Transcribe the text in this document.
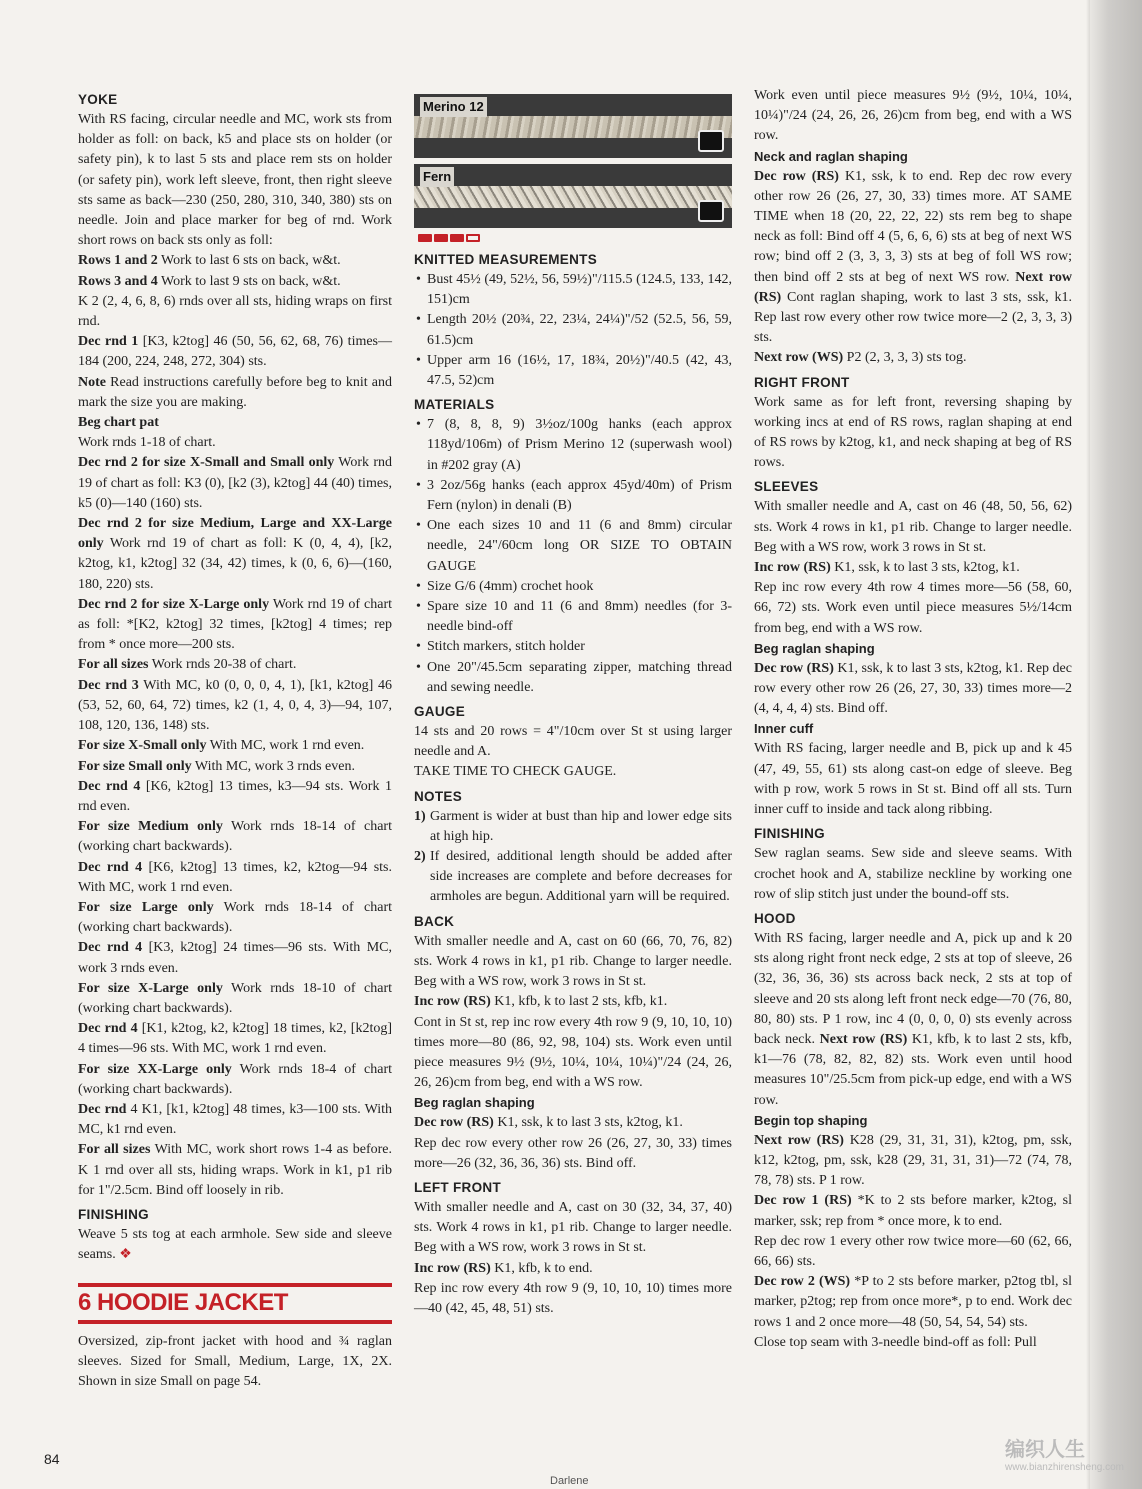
YOKE

With RS facing, circular needle and MC, work sts from holder as foll: on back, k5 and place sts on holder (or safety pin), k to last 5 sts and place rem sts on holder (or safety pin), work left sleeve, front, then right sleeve sts same as back—230 (250, 280, 310, 340, 380) sts on needle. Join and place marker for beg of rnd. Work short rows on back sts only as foll:

Rows 1 and 2 Work to last 6 sts on back, w&t.

Rows 3 and 4 Work to last 9 sts on back, w&t.

K 2 (2, 4, 6, 8, 6) rnds over all sts, hiding wraps on first rnd.

Dec rnd 1 [K3, k2tog] 46 (50, 56, 62, 68, 76) times—184 (200, 224, 248, 272, 304) sts.

Note Read instructions carefully before beg to knit and mark the size you are making.

Beg chart pat

Work rnds 1-18 of chart.

Dec rnd 2 for size X-Small and Small only Work rnd 19 of chart as foll: K3 (0), [k2 (3), k2tog] 44 (40) times, k5 (0)—140 (160) sts.

Dec rnd 2 for size Medium, Large and XX-Large only Work rnd 19 of chart as foll: K (0, 4, 4), [k2, k2tog, k1, k2tog] 32 (34, 42) times, k (0, 6, 6)—(160, 180, 220) sts.

Dec rnd 2 for size X-Large only Work rnd 19 of chart as foll: *[K2, k2tog] 32 times, [k2tog] 4 times; rep from * once more—200 sts.

For all sizes Work rnds 20-38 of chart.

Dec rnd 3 With MC, k0 (0, 0, 0, 4, 1), [k1, k2tog] 46 (53, 52, 60, 64, 72) times, k2 (1, 4, 0, 4, 3)—94, 107, 108, 120, 136, 148) sts.

For size X-Small only With MC, work 1 rnd even.

For size Small only With MC, work 3 rnds even.

Dec rnd 4 [K6, k2tog] 13 times, k3—94 sts. Work 1 rnd even.

For size Medium only Work rnds 18-14 of chart (working chart backwards).

Dec rnd 4 [K6, k2tog] 13 times, k2, k2tog—94 sts. With MC, work 1 rnd even.

For size Large only Work rnds 18-14 of chart (working chart backwards).

Dec rnd 4 [K3, k2tog] 24 times—96 sts. With MC, work 3 rnds even.

For size X-Large only Work rnds 18-10 of chart (working chart backwards).

Dec rnd 4 [K1, k2tog, k2, k2tog] 18 times, k2, [k2tog] 4 times—96 sts. With MC, work 1 rnd even.

For size XX-Large only Work rnds 18-4 of chart (working chart backwards).

Dec rnd 4 K1, [k1, k2tog] 48 times, k3—100 sts. With MC, k1 rnd even.

For all sizes With MC, work short rows 1-4 as before. K 1 rnd over all sts, hiding wraps. Work in k1, p1 rib for 1"/2.5cm. Bind off loosely in rib.

FINISHING

Weave 5 sts tog at each armhole. Sew side and sleeve seams. ❖

6 HOODIE JACKET

Oversized, zip-front jacket with hood and ¾ raglan sleeves. Sized for Small, Medium, Large, 1X, 2X. Shown in size Small on page 54.

Merino 12
Fern
KNITTED MEASUREMENTS

• Bust 45½ (49, 52½, 56, 59½)"/115.5 (124.5, 133, 142, 151)cm

• Length 20½ (20¾, 22, 23¼, 24¼)"/52 (52.5, 56, 59, 61.5)cm

• Upper arm 16 (16½, 17, 18¾, 20½)"/40.5 (42, 43, 47.5, 52)cm

MATERIALS

• 7 (8, 8, 8, 9) 3½oz/100g hanks (each approx 118yd/106m) of Prism Merino 12 (superwash wool) in #202 gray (A)

• 3 2oz/56g hanks (each approx 45yd/40m) of Prism Fern (nylon) in denali (B)

• One each sizes 10 and 11 (6 and 8mm) circular needle, 24"/60cm long OR SIZE TO OBTAIN GAUGE

• Size G/6 (4mm) crochet hook

• Spare size 10 and 11 (6 and 8mm) needles (for 3-needle bind-off

• Stitch markers, stitch holder

• One 20"/45.5cm separating zipper, matching thread and sewing needle.

GAUGE

14 sts and 20 rows = 4"/10cm over St st using larger needle and A.

TAKE TIME TO CHECK GAUGE.

NOTES

1) Garment is wider at bust than hip and lower edge sits at high hip.

2) If desired, additional length should be added after side increases are complete and before decreases for armholes are begun. Additional yarn will be required.

BACK

With smaller needle and A, cast on 60 (66, 70, 76, 82) sts. Work 4 rows in k1, p1 rib. Change to larger needle. Beg with a WS row, work 3 rows in St st.

Inc row (RS) K1, kfb, k to last 2 sts, kfb, k1.

Cont in St st, rep inc row every 4th row 9 (9, 10, 10, 10) times more—80 (86, 92, 98, 104) sts. Work even until piece measures 9½ (9½, 10¼, 10¼, 10¼)"/24 (24, 26, 26, 26)cm from beg, end with a WS row.

Beg raglan shaping

Dec row (RS) K1, ssk, k to last 3 sts, k2tog, k1.

Rep dec row every other row 26 (26, 27, 30, 33) times more—26 (32, 36, 36, 36) sts. Bind off.

LEFT FRONT

With smaller needle and A, cast on 30 (32, 34, 37, 40) sts. Work 4 rows in k1, p1 rib. Change to larger needle. Beg with a WS row, work 3 rows in St st.

Inc row (RS) K1, kfb, k to end.

Rep inc row every 4th row 9 (9, 10, 10, 10) times more—40 (42, 45, 48, 51) sts.

Work even until piece measures 9½ (9½, 10¼, 10¼, 10¼)"/24 (24, 26, 26, 26)cm from beg, end with a WS row.

Neck and raglan shaping

Dec row (RS) K1, ssk, k to end. Rep dec row every other row 26 (26, 27, 30, 33) times more. AT SAME TIME when 18 (20, 22, 22, 22) sts rem beg to shape neck as foll: Bind off 4 (5, 6, 6, 6) sts at beg of next WS row; bind off 2 (3, 3, 3, 3) sts at beg of foll WS row; then bind off 2 sts at beg of next WS row. Next row (RS) Cont raglan shaping, work to last 3 sts, ssk, k1. Rep last row every other row twice more—2 (2, 3, 3, 3) sts.

Next row (WS) P2 (2, 3, 3, 3) sts tog.

RIGHT FRONT

Work same as for left front, reversing shaping by working incs at end of RS rows, raglan shaping at end of RS rows by k2tog, k1, and neck shaping at beg of RS rows.

SLEEVES

With smaller needle and A, cast on 46 (48, 50, 56, 62) sts. Work 4 rows in k1, p1 rib. Change to larger needle. Beg with a WS row, work 3 rows in St st.

Inc row (RS) K1, ssk, k to last 3 sts, k2tog, k1.

Rep inc row every 4th row 4 times more—56 (58, 60, 66, 72) sts. Work even until piece measures 5½/14cm from beg, end with a WS row.

Beg raglan shaping

Dec row (RS) K1, ssk, k to last 3 sts, k2tog, k1. Rep dec row every other row 26 (26, 27, 30, 33) times more—2 (4, 4, 4, 4) sts. Bind off.

Inner cuff

With RS facing, larger needle and B, pick up and k 45 (47, 49, 55, 61) sts along cast-on edge of sleeve. Beg with p row, work 5 rows in St st. Bind off all sts. Turn inner cuff to inside and tack along ribbing.

FINISHING

Sew raglan seams. Sew side and sleeve seams. With crochet hook and A, stabilize neckline by working one row of slip stitch just under the bound-off sts.

HOOD

With RS facing, larger needle and A, pick up and k 20 sts along right front neck edge, 2 sts at top of sleeve, 26 (32, 36, 36, 36) sts across back neck, 2 sts at top of sleeve and 20 sts along left front neck edge—70 (76, 80, 80, 80) sts. P 1 row, inc 4 (0, 0, 0, 0) sts evenly across back neck. Next row (RS) K1, kfb, k to last 2 sts, kfb, k1—76 (78, 82, 82, 82) sts. Work even until hood measures 10"/25.5cm from pick-up edge, end with a WS row.

Begin top shaping

Next row (RS) K28 (29, 31, 31, 31), k2tog, pm, ssk, k12, k2tog, pm, ssk, k28 (29, 31, 31, 31)—72 (74, 78, 78, 78) sts. P 1 row.

Dec row 1 (RS) *K to 2 sts before marker, k2tog, sl marker, ssk; rep from * once more, k to end.

Rep dec row 1 every other row twice more—60 (62, 66, 66, 66) sts.

Dec row 2 (WS) *P to 2 sts before marker, p2tog tbl, sl marker, p2tog; rep from once more*, p to end. Work dec rows 1 and 2 once more—48 (50, 54, 54, 54) sts.

Close top seam with 3-needle bind-off as foll: Pull

84
Darlene
编织人生
www.bianzhirensheng.com
